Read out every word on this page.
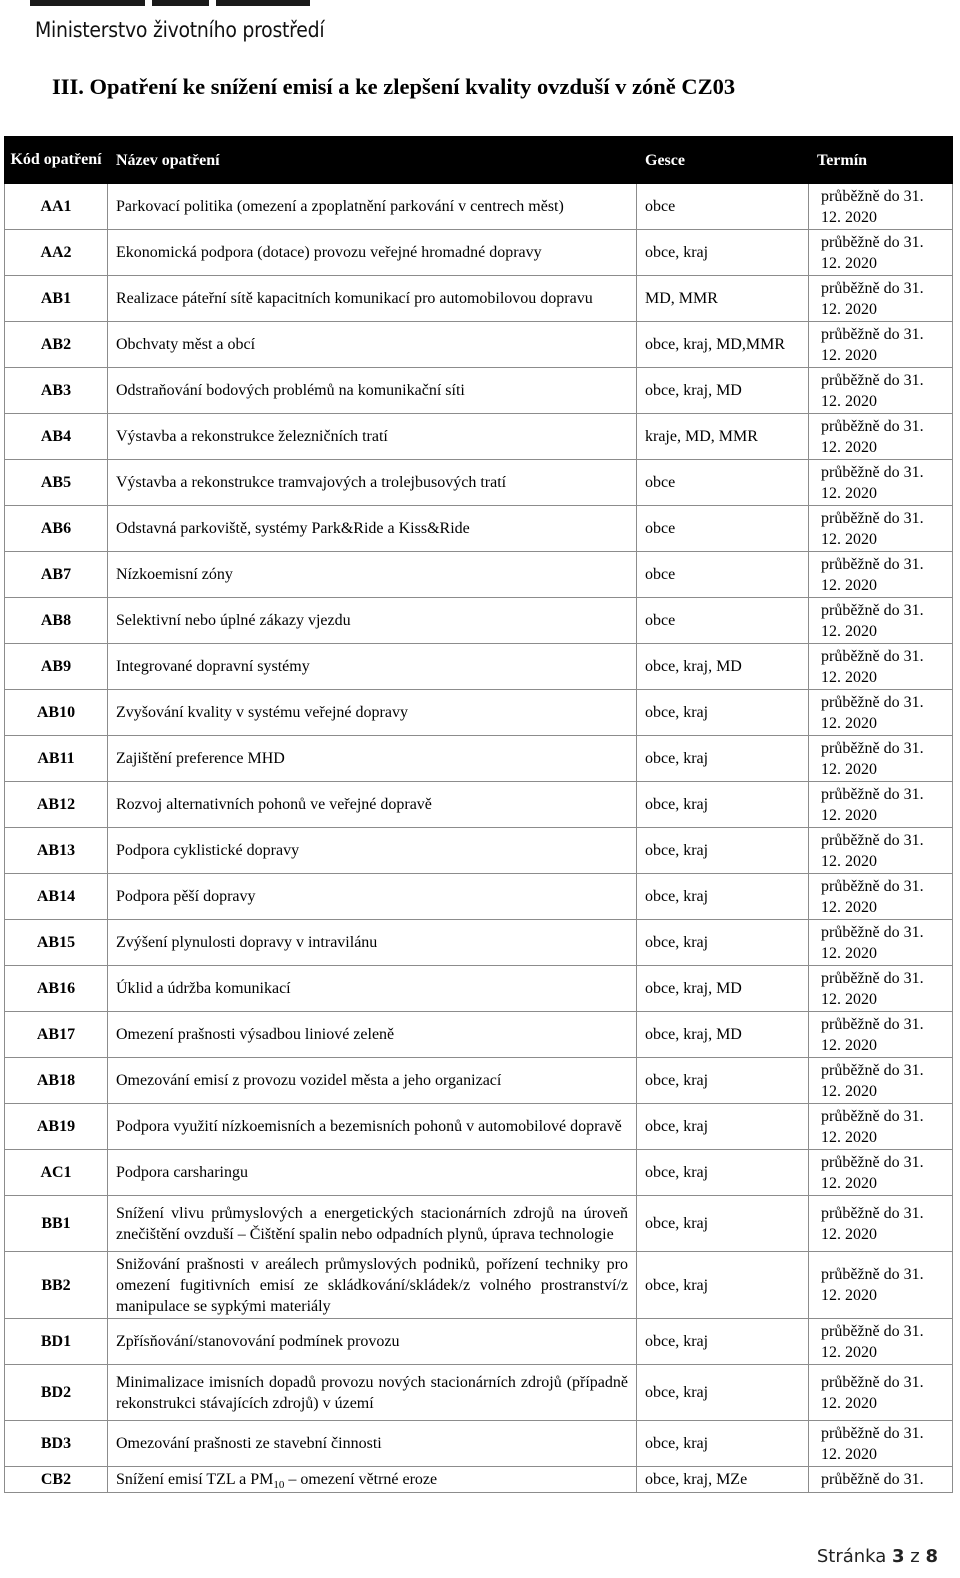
Ministerstvo životního prostředí
III. Opatření ke snížení emisí a ke zlepšení kvality ovzduší v zóně CZ03
Kód opatření	Název opatření	Gesce	Termín
AA1	Parkovací politika (omezení a zpoplatnění parkování v centrech měst)	obce	průběžně do 31. 12. 2020
AA2	Ekonomická podpora (dotace) provozu veřejné hromadné dopravy	obce, kraj	průběžně do 31. 12. 2020
AB1	Realizace páteřní sítě kapacitních komunikací pro automobilovou dopravu	MD, MMR	průběžně do 31. 12. 2020
AB2	Obchvaty měst a obcí	obce, kraj, MD,MMR	průběžně do 31. 12. 2020
AB3	Odstraňování bodových problémů na komunikační síti	obce, kraj, MD	průběžně do 31. 12. 2020
AB4	Výstavba a rekonstrukce železničních tratí	kraje, MD, MMR	průběžně do 31. 12. 2020
AB5	Výstavba a rekonstrukce tramvajových a trolejbusových tratí	obce	průběžně do 31. 12. 2020
AB6	Odstavná parkoviště, systémy Park&Ride a Kiss&Ride	obce	průběžně do 31. 12. 2020
AB7	Nízkoemisní zóny	obce	průběžně do 31. 12. 2020
AB8	Selektivní nebo úplné zákazy vjezdu	obce	průběžně do 31. 12. 2020
AB9	Integrované dopravní systémy	obce, kraj, MD	průběžně do 31. 12. 2020
AB10	Zvyšování kvality v systému veřejné dopravy	obce, kraj	průběžně do 31. 12. 2020
AB11	Zajištění preference MHD	obce, kraj	průběžně do 31. 12. 2020
AB12	Rozvoj alternativních pohonů ve veřejné dopravě	obce, kraj	průběžně do 31. 12. 2020
AB13	Podpora cyklistické dopravy	obce, kraj	průběžně do 31. 12. 2020
AB14	Podpora pěší dopravy	obce, kraj	průběžně do 31. 12. 2020
AB15	Zvýšení plynulosti dopravy v intravilánu	obce, kraj	průběžně do 31. 12. 2020
AB16	Úklid a údržba komunikací	obce, kraj, MD	průběžně do 31. 12. 2020
AB17	Omezení prašnosti výsadbou liniové zeleně	obce, kraj, MD	průběžně do 31. 12. 2020
AB18	Omezování emisí z provozu vozidel města a jeho organizací	obce, kraj	průběžně do 31. 12. 2020
AB19	Podpora využití nízkoemisních a bezemisních pohonů v automobilové dopravě	obce, kraj	průběžně do 31. 12. 2020
AC1	Podpora carsharingu	obce, kraj	průběžně do 31. 12. 2020
BB1	Snížení vlivu průmyslových a energetických stacionárních zdrojů na úroveň znečištění ovzduší – Čištění spalin nebo odpadních plynů, úprava technologie	obce, kraj	průběžně do 31. 12. 2020
BB2	Snižování prašnosti v areálech průmyslových podniků, pořízení techniky pro omezení fugitivních emisí ze skládkování/skládek/z volného prostranství/z manipulace se sypkými materiály	obce, kraj	průběžně do 31. 12. 2020
BD1	Zpřísňování/stanovování podmínek provozu	obce, kraj	průběžně do 31. 12. 2020
BD2	Minimalizace imisních dopadů provozu nových stacionárních zdrojů (případně rekonstrukci stávajících zdrojů) v území	obce, kraj	průběžně do 31. 12. 2020
BD3	Omezování prašnosti ze stavební činnosti	obce, kraj	průběžně do 31. 12. 2020
CB2	Snížení emisí TZL a $PM_{10}$ – omezení větrné eroze	obce, kraj, MZe	průběžně do 31.
Stránka 3 z 8
